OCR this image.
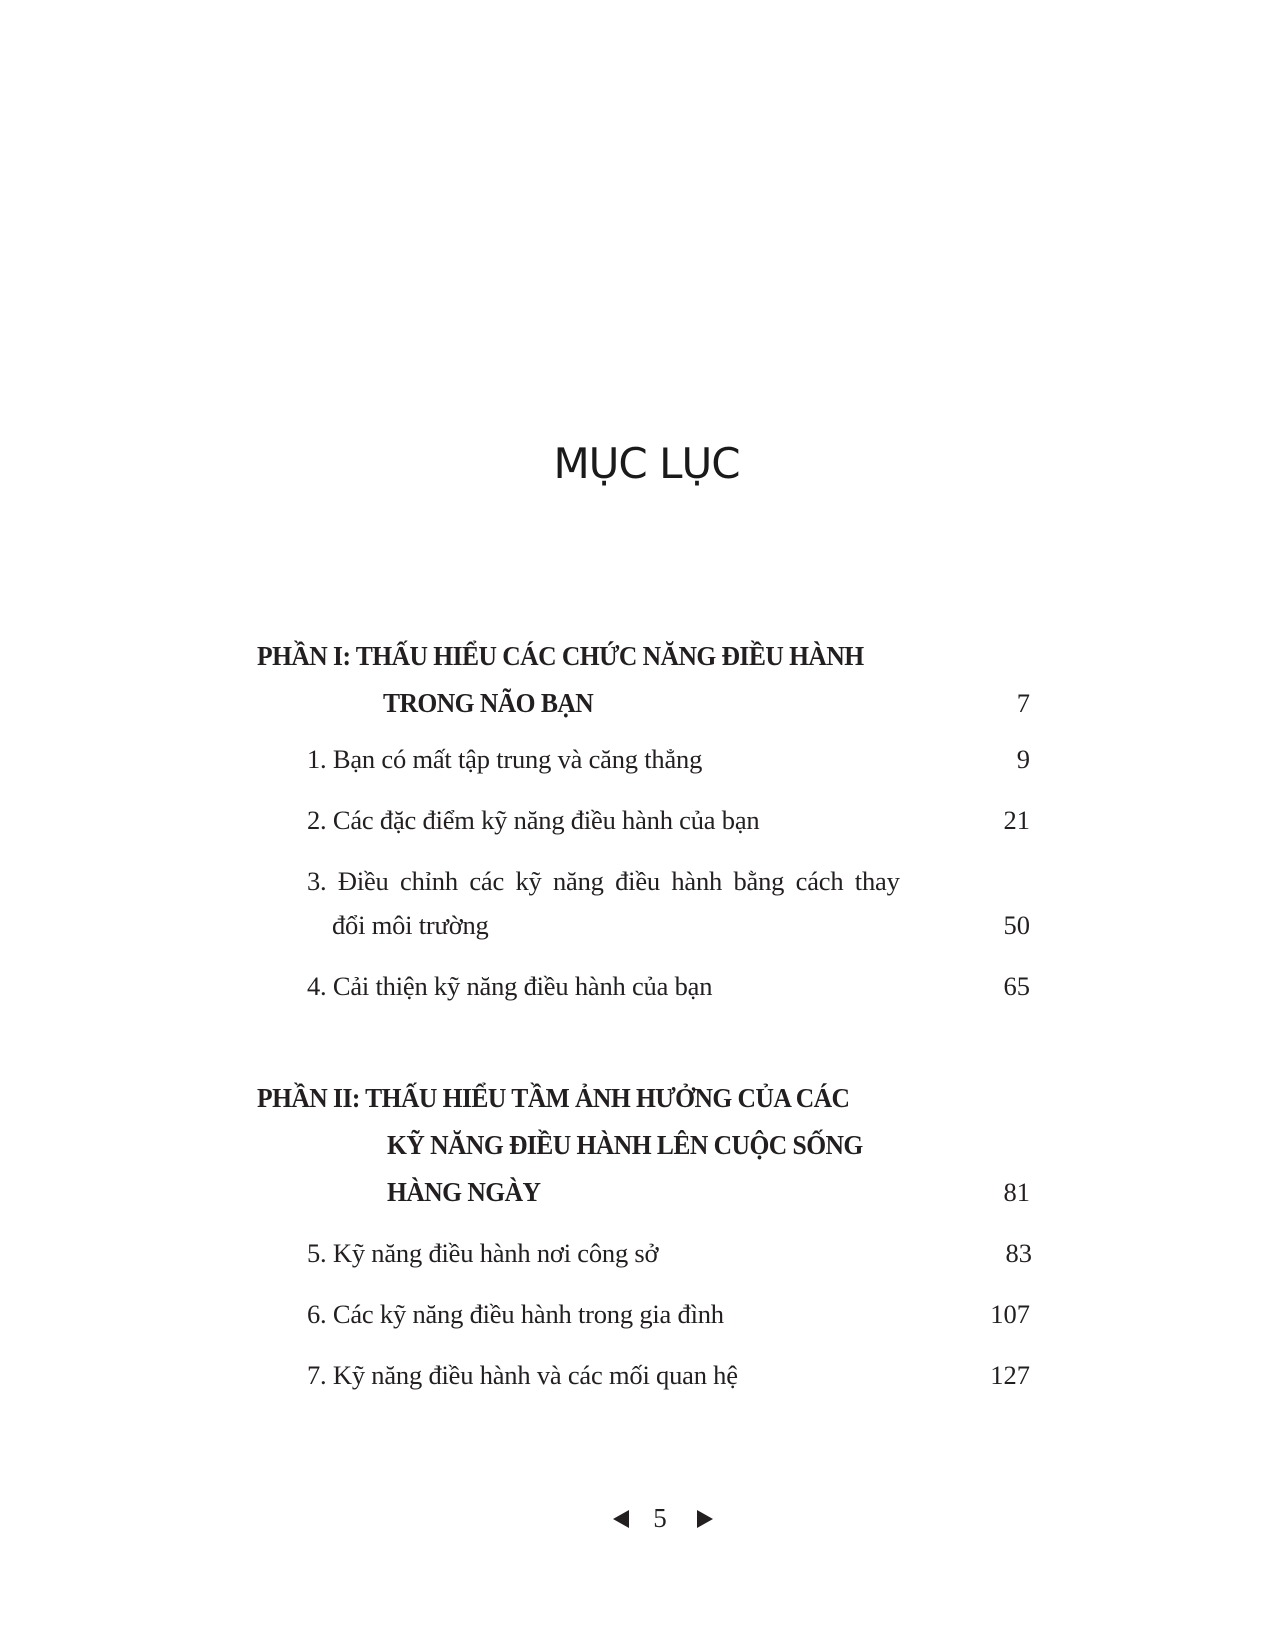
MỤC LỤC
PHẦN I: THẤU HIỂU CÁC CHỨC NĂNG ĐIỀU HÀNH
TRONG NÃO BẠN	7
1. Bạn có mất tập trung và căng thẳng	9
2. Các đặc điểm kỹ năng điều hành của bạn	21
3. Điều chỉnh các kỹ năng điều hành bằng cách thay
đổi môi trường	50
4. Cải thiện kỹ năng điều hành của bạn	65
PHẦN II: THẤU HIỂU TẦM ẢNH HƯỞNG CỦA CÁC
KỸ NĂNG ĐIỀU HÀNH LÊN CUỘC SỐNG
HÀNG NGÀY	81
5. Kỹ năng điều hành nơi công sở	83
6. Các kỹ năng điều hành trong gia đình	107
7. Kỹ năng điều hành và các mối quan hệ	127
5
